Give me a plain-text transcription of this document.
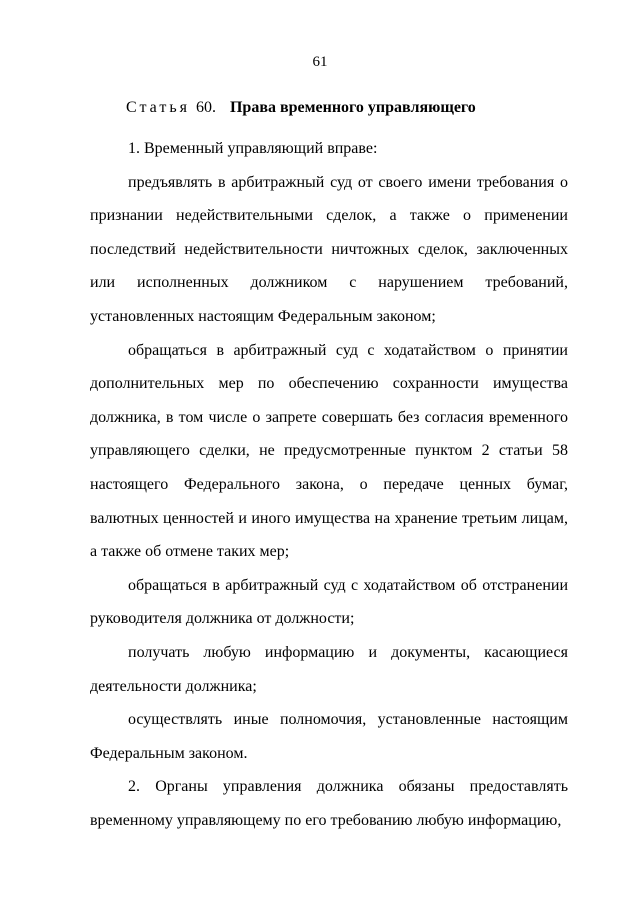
61
Статья 60. Права временного управляющего

1. Временный управляющий вправе:

предъявлять в арбитражный суд от своего имени требования о признании недействительными сделок, а также о применении последствий недействительности ничтожных сделок, заключенных или исполненных должником с нарушением требований, установленных настоящим Федеральным законом;

обращаться в арбитражный суд с ходатайством о принятии дополнительных мер по обеспечению сохранности имущества должника, в том числе о запрете совершать без согласия временного управляющего сделки, не предусмотренные пунктом 2 статьи 58 настоящего Федерального закона, о передаче ценных бумаг, валютных ценностей и иного имущества на хранение третьим лицам, а также об отмене таких мер;

обращаться в арбитражный суд с ходатайством об отстранении руководителя должника от должности;

получать любую информацию и документы, касающиеся деятельности должника;

осуществлять иные полномочия, установленные настоящим Федеральным законом.

2. Органы управления должника обязаны предоставлять временному управляющему по его требованию любую информацию,
